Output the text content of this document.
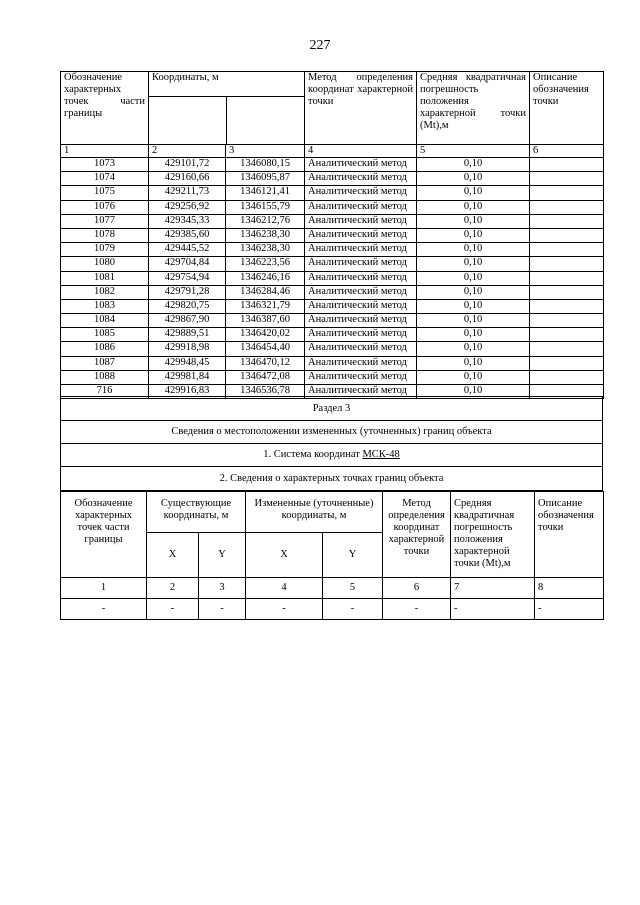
227
Обозначение характерных точек части границы	Координаты, м		Метод определения координат характерной точки	Средняя квадратичная погрешность положения характерной точки (Mt),м	Описание обозначения точки
1	2	3	4	5	6
1073	429101,72	1346080,15	Аналитический метод	0,10	
1074	429160,66	1346095,87	Аналитический метод	0,10	
1075	429211,73	1346121,41	Аналитический метод	0,10	
1076	429256,92	1346155,79	Аналитический метод	0,10	
1077	429345,33	1346212,76	Аналитический метод	0,10	
1078	429385,60	1346238,30	Аналитический метод	0,10	
1079	429445,52	1346238,30	Аналитический метод	0,10	
1080	429704,84	1346223,56	Аналитический метод	0,10	
1081	429754,94	1346246,16	Аналитический метод	0,10	
1082	429791,28	1346284,46	Аналитический метод	0,10	
1083	429820,75	1346321,79	Аналитический метод	0,10	
1084	429867,90	1346387,60	Аналитический метод	0,10	
1085	429889,51	1346420,02	Аналитический метод	0,10	
1086	429918,98	1346454,40	Аналитический метод	0,10	
1087	429948,45	1346470,12	Аналитический метод	0,10	
1088	429981,84	1346472,08	Аналитический метод	0,10	
716	429916,83	1346536,78	Аналитический метод	0,10	
Раздел 3
Сведения о местоположении измененных (уточненных) границ объекта
1. Система координат МСК-48
2. Сведения о характерных точках границ объекта
Обозначение характерных точек части границы	Существующие координаты, м		Измененные (уточненные) координаты, м		Метод определения координат характерной точки	Средняя квадратичная погрешность положения характерной точки (Mt),м	Описание обозначения точки
	X	Y	X	Y			
1	2	3	4	5	6	7	8
-	-	-	-	-	-	-	-
